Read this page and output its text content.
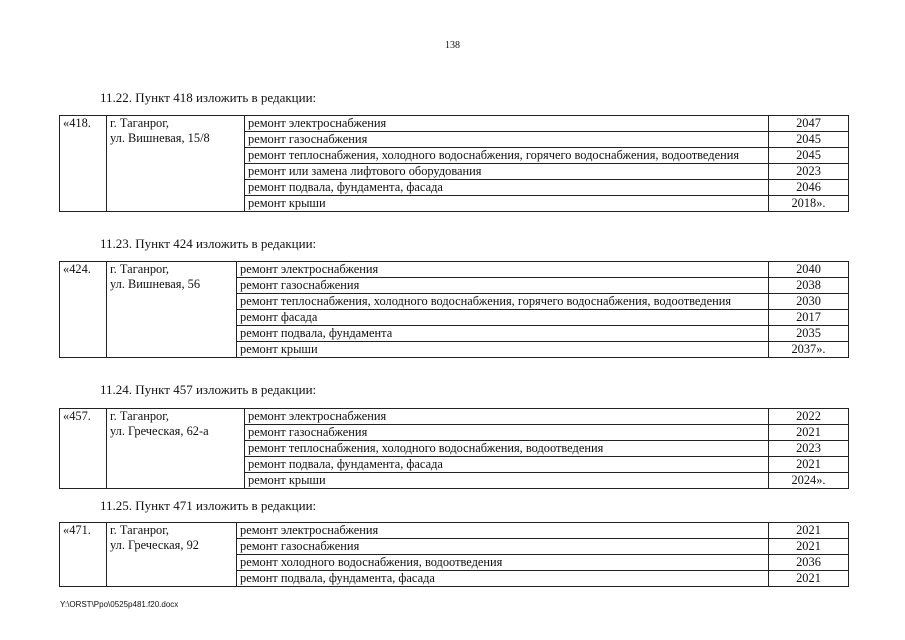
138
11.22. Пункт 418 изложить в редакции:
«418.	г. Таганрог,
ул. Вишневая, 15/8	ремонт электроснабжения	2047
		ремонт газоснабжения	2045
		ремонт теплоснабжения, холодного водоснабжения, горячего водоснабжения, водоотведения	2045
		ремонт или замена лифтового оборудования	2023
		ремонт подвала, фундамента, фасада	2046
		ремонт крыши	2018».
11.23. Пункт 424 изложить в редакции:
«424.	г. Таганрог,
ул. Вишневая, 56	ремонт электроснабжения	2040
		ремонт газоснабжения	2038
		ремонт теплоснабжения, холодного водоснабжения, горячего водоснабжения, водоотведения	2030
		ремонт фасада	2017
		ремонт подвала, фундамента	2035
		ремонт крыши	2037».
11.24. Пункт 457 изложить в редакции:
«457.	г. Таганрог,
ул. Греческая, 62-а	ремонт электроснабжения	2022
		ремонт газоснабжения	2021
		ремонт теплоснабжения, холодного водоснабжения, водоотведения	2023
		ремонт подвала, фундамента, фасада	2021
		ремонт крыши	2024».
11.25. Пункт 471 изложить в редакции:
«471.	г. Таганрог,
ул. Греческая, 92	ремонт электроснабжения	2021
		ремонт газоснабжения	2021
		ремонт холодного водоснабжения, водоотведения	2036
		ремонт подвала, фундамента, фасада	2021
Y:\ORST\Ppo\0525p481.f20.docx
